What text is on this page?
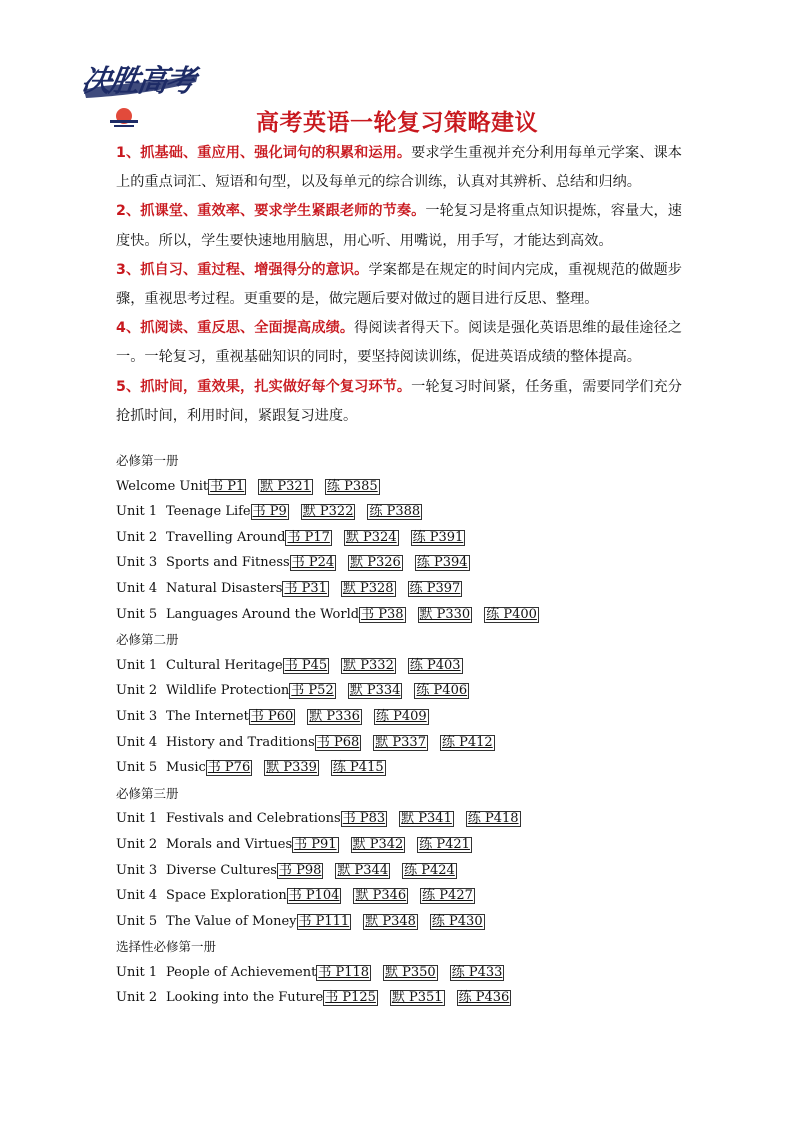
决胜高考
高考英语一轮复习策略建议

1、抓基础、重应用、强化词句的积累和运用。要求学生重视并充分利用每单元学案、课本上的重点词汇、短语和句型，以及每单元的综合训练，认真对其辨析、总结和归纳。

2、抓课堂、重效率、要求学生紧跟老师的节奏。一轮复习是将重点知识提炼，容量大，速度快。所以，学生要快速地用脑思，用心听、用嘴说，用手写，才能达到高效。

3、抓自习、重过程、增强得分的意识。学案都是在规定的时间内完成，重视规范的做题步骤，重视思考过程。更重要的是，做完题后要对做过的题目进行反思、整理。

4、抓阅读、重反思、全面提高成绩。得阅读者得天下。阅读是强化英语思维的最佳途径之一。一轮复习，重视基础知识的同时，要坚持阅读训练，促进英语成绩的整体提高。

5、抓时间，重效果，扎实做好每个复习环节。一轮复习时间紧，任务重，需要同学们充分抢抓时间，利用时间，紧跟复习进度。

必修第一册
Welcome Unit 书 P1 默 P321 练 P385
Unit 1 Teenage Life 书 P9 默 P322 练 P388
Unit 2 Travelling Around 书 P17 默 P324 练 P391
Unit 3 Sports and Fitness 书 P24 默 P326 练 P394
Unit 4 Natural Disasters 书 P31 默 P328 练 P397
Unit 5 Languages Around the World 书 P38 默 P330 练 P400
必修第二册
Unit 1 Cultural Heritage 书 P45 默 P332 练 P403
Unit 2 Wildlife Protection 书 P52 默 P334 练 P406
Unit 3 The Internet 书 P60 默 P336 练 P409
Unit 4 History and Traditions 书 P68 默 P337 练 P412
Unit 5 Music 书 P76 默 P339 练 P415
必修第三册
Unit 1 Festivals and Celebrations 书 P83 默 P341 练 P418
Unit 2 Morals and Virtues 书 P91 默 P342 练 P421
Unit 3 Diverse Cultures 书 P98 默 P344 练 P424
Unit 4 Space Exploration 书 P104 默 P346 练 P427
Unit 5 The Value of Money 书 P111 默 P348 练 P430
选择性必修第一册
Unit 1 People of Achievement 书 P118 默 P350 练 P433
Unit 2 Looking into the Future 书 P125 默 P351 练 P436
